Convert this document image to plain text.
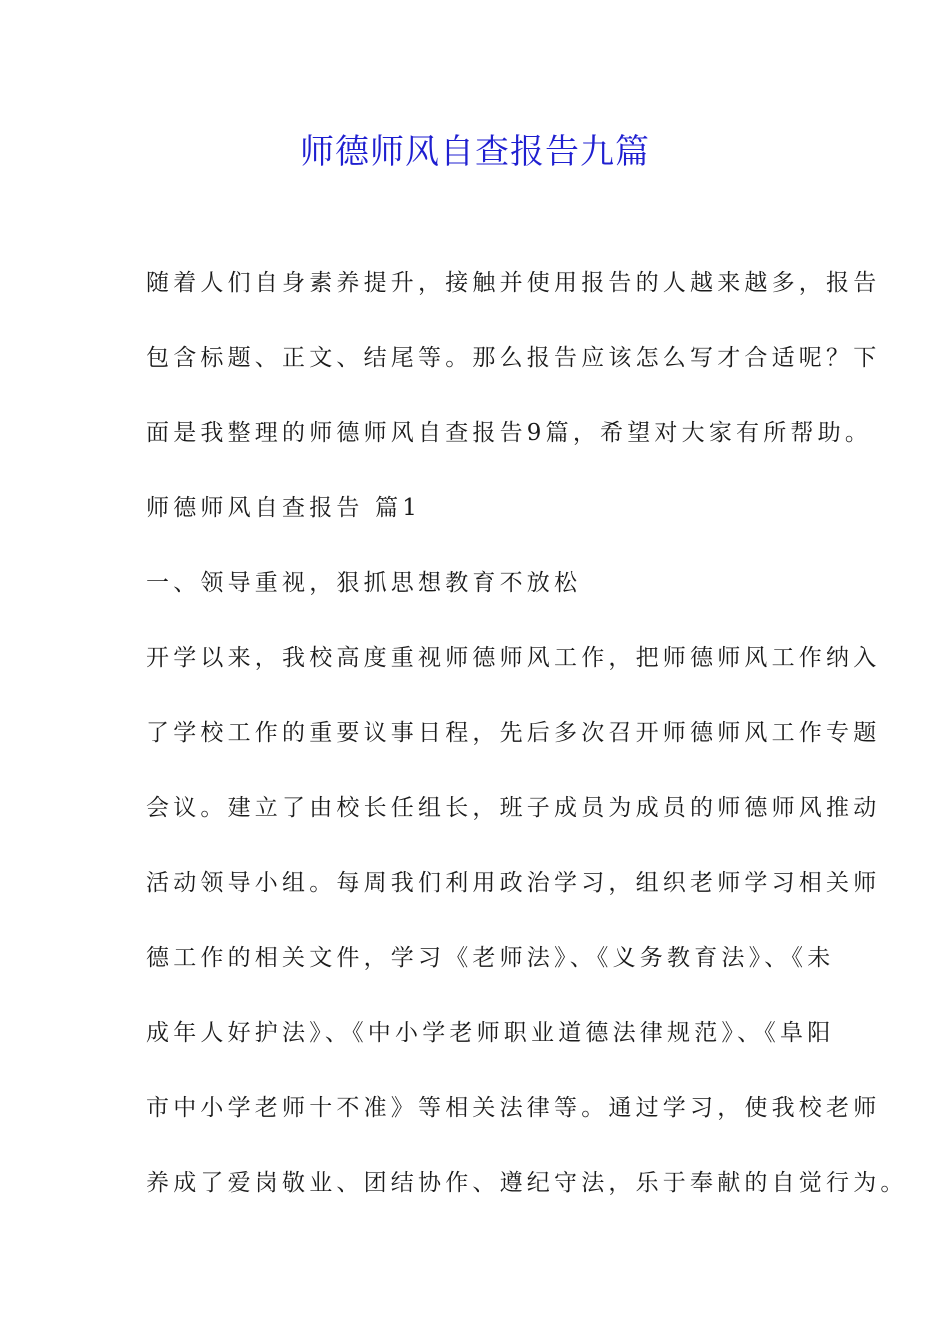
师德师风自查报告九篇
随着人们自身素养提升，接触并使用报告的人越来越多，报告
包含标题、正文、结尾等。那么报告应该怎么写才合适呢？下
面是我整理的师德师风自查报告9篇，希望对大家有所帮助。
师德师风自查报告 篇1
一、领导重视，狠抓思想教育不放松
开学以来，我校高度重视师德师风工作，把师德师风工作纳入
了学校工作的重要议事日程，先后多次召开师德师风工作专题
会议。建立了由校长任组长，班子成员为成员的师德师风推动
活动领导小组。每周我们利用政治学习，组织老师学习相关师
德工作的相关文件，学习《老师法》、《义务教育法》、《未
成年人好护法》、《中小学老师职业道德法律规范》、《阜阳
市中小学老师十不准》等相关法律等。通过学习，使我校老师
养成了爱岗敬业、团结协作、遵纪守法，乐于奉献的自觉行为。
